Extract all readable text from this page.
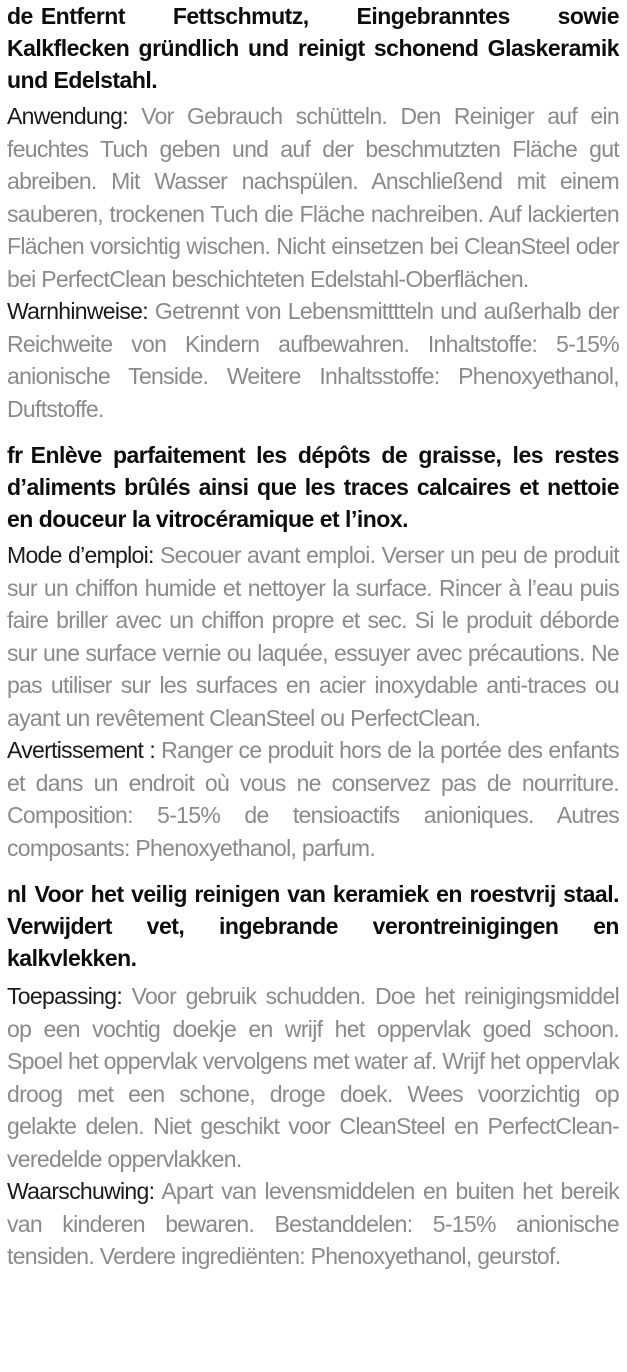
de Entfernt Fettschmutz, Eingebranntes sowie Kalkflecken gründlich und reinigt schonend Glaskeramik und Edelstahl.

Anwendung: Vor Gebrauch schütteln. Den Reiniger auf ein feuchtes Tuch geben und auf der beschmutzten Fläche gut abreiben. Mit Wasser nachspülen. Anschließend mit einem sauberen, trockenen Tuch die Fläche nachreiben. Auf lackierten Flächen vorsichtig wischen. Nicht einsetzen bei CleanSteel oder bei PerfectClean beschichteten Edelstahl-Oberflächen.

Warnhinweise: Getrennt von Lebensmitttteln und außerhalb der Reichweite von Kindern aufbewahren. Inhaltstoffe: 5-15% anionische Tenside. Weitere Inhaltsstoffe: Phenoxyethanol, Duftstoffe.

fr Enlève parfaitement les dépôts de graisse, les restes d’aliments brûlés ainsi que les traces calcaires et nettoie en douceur la vitrocéramique et l’inox.

Mode d’emploi: Secouer avant emploi. Verser un peu de produit sur un chiffon humide et nettoyer la surface. Rincer à l’eau puis faire briller avec un chiffon propre et sec. Si le produit déborde sur une surface vernie ou laquée, essuyer avec précautions. Ne pas utiliser sur les surfaces en acier inoxydable anti-traces ou ayant un revêtement CleanSteel ou PerfectClean.

Avertissement : Ranger ce produit hors de la portée des enfants et dans un endroit où vous ne conservez pas de nourriture. Composition: 5-15% de tensioactifs anioniques. Autres composants: Phenoxyethanol, parfum.

nl Voor het veilig reinigen van keramiek en roestvrij staal. Verwijdert vet, ingebrande verontreinigingen en kalkvlekken.

Toepassing: Voor gebruik schudden. Doe het reinigingsmiddel op een vochtig doekje en wrijf het oppervlak goed schoon. Spoel het oppervlak vervolgens met water af. Wrijf het oppervlak droog met een schone, droge doek. Wees voorzichtig op gelakte delen. Niet geschikt voor CleanSteel en PerfectClean-veredelde oppervlakken.

Waarschuwing: Apart van levensmiddelen en buiten het bereik van kinderen bewaren. Bestanddelen: 5-15% anionische tensiden. Verdere ingrediënten: Phenoxyethanol, geurstof.
